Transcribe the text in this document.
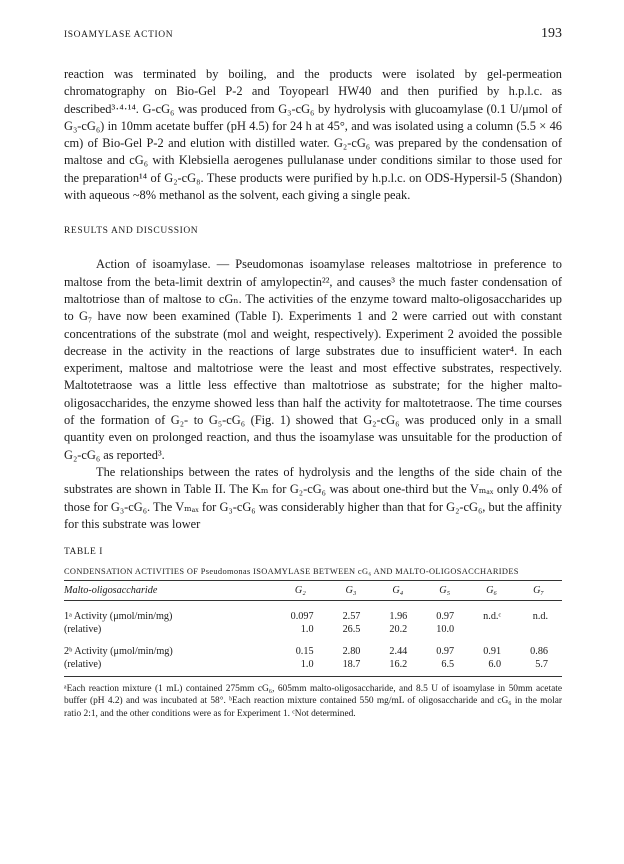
ISOAMYLASE ACTION	193

reaction was terminated by boiling, and the products were isolated by gel-permeation chromatography on Bio-Gel P-2 and Toyopearl HW40 and then purified by h.p.l.c. as described³·⁴·¹⁴. G-cG₆ was produced from G₃-cG₆ by hydrolysis with glucoamylase (0.1 U/μmol of G₃-cG₆) in 10mm acetate buffer (pH 4.5) for 24 h at 45°, and was isolated using a column (5.5 × 46 cm) of Bio-Gel P-2 and elution with distilled water. G₂-cG₆ was prepared by the condensation of maltose and cG₆ with Klebsiella aerogenes pullulanase under conditions similar to those used for the preparation¹⁴ of G₂-cG₈. These products were purified by h.p.l.c. on ODS-Hypersil-5 (Shandon) with aqueous ~8% methanol as the solvent, each giving a single peak.

RESULTS AND DISCUSSION

Action of isoamylase. — Pseudomonas isoamylase releases maltotriose in preference to maltose from the beta-limit dextrin of amylopectin²², and causes³ the much faster condensation of maltotriose than of maltose to cGₙ. The activities of the enzyme toward malto-oligosaccharides up to G₇ have now been examined (Table I). Experiments 1 and 2 were carried out with constant concentrations of the substrate (mol and weight, respectively). Experiment 2 avoided the possible decrease in the activity in the reactions of large substrates due to insufficient water⁴. In each experiment, maltose and maltotriose were the least and most effective substrates, respectively. Maltotetraose was a little less effective than maltotriose as substrate; for the higher malto-oligosaccharides, the enzyme showed less than half the activity for maltotetraose. The time courses of the formation of G₂- to G₅-cG₆ (Fig. 1) showed that G₂-cG₆ was produced only in a small quantity even on prolonged reaction, and thus the isoamylase was unsuitable for the production of G₂-cG₆ as reported³.

The relationships between the rates of hydrolysis and the lengths of the side chain of the substrates are shown in Table II. The Kₘ for G₂-cG₆ was about one-third but the Vₘₐₓ only 0.4% of those for G₃-cG₆. The Vₘₐₓ for G₃-cG₆ was considerably higher than that for G₂-cG₆, but the affinity for this substrate was lower

TABLE I
CONDENSATION ACTIVITIES OF Pseudomonas ISOAMYLASE BETWEEN cG₆ AND MALTO-OLIGOSACCHARIDES

Malto-oligosaccharide	G₂	G₃	G₄	G₅	G₆	G₇

1ᵃ Activity (μmol/min/mg)	0.097	2.57	1.96	0.97	n.d.ᶜ	n.d.
(relative)	1.0	26.5	20.2	10.0		

2ᵇ Activity (μmol/min/mg)	0.15	2.80	2.44	0.97	0.91	0.86
(relative)	1.0	18.7	16.2	6.5	6.0	5.7
ᵃEach reaction mixture (1 mL) contained 275mm cG₆, 605mm malto-oligosaccharide, and 8.5 U of isoamylase in 50mm acetate buffer (pH 4.2) and was incubated at 58°. ᵇEach reaction mixture contained 550 mg/mL of oligosaccharide and cG₆ in the molar ratio 2:1, and the other conditions were as for Experiment 1. ᶜNot determined.
